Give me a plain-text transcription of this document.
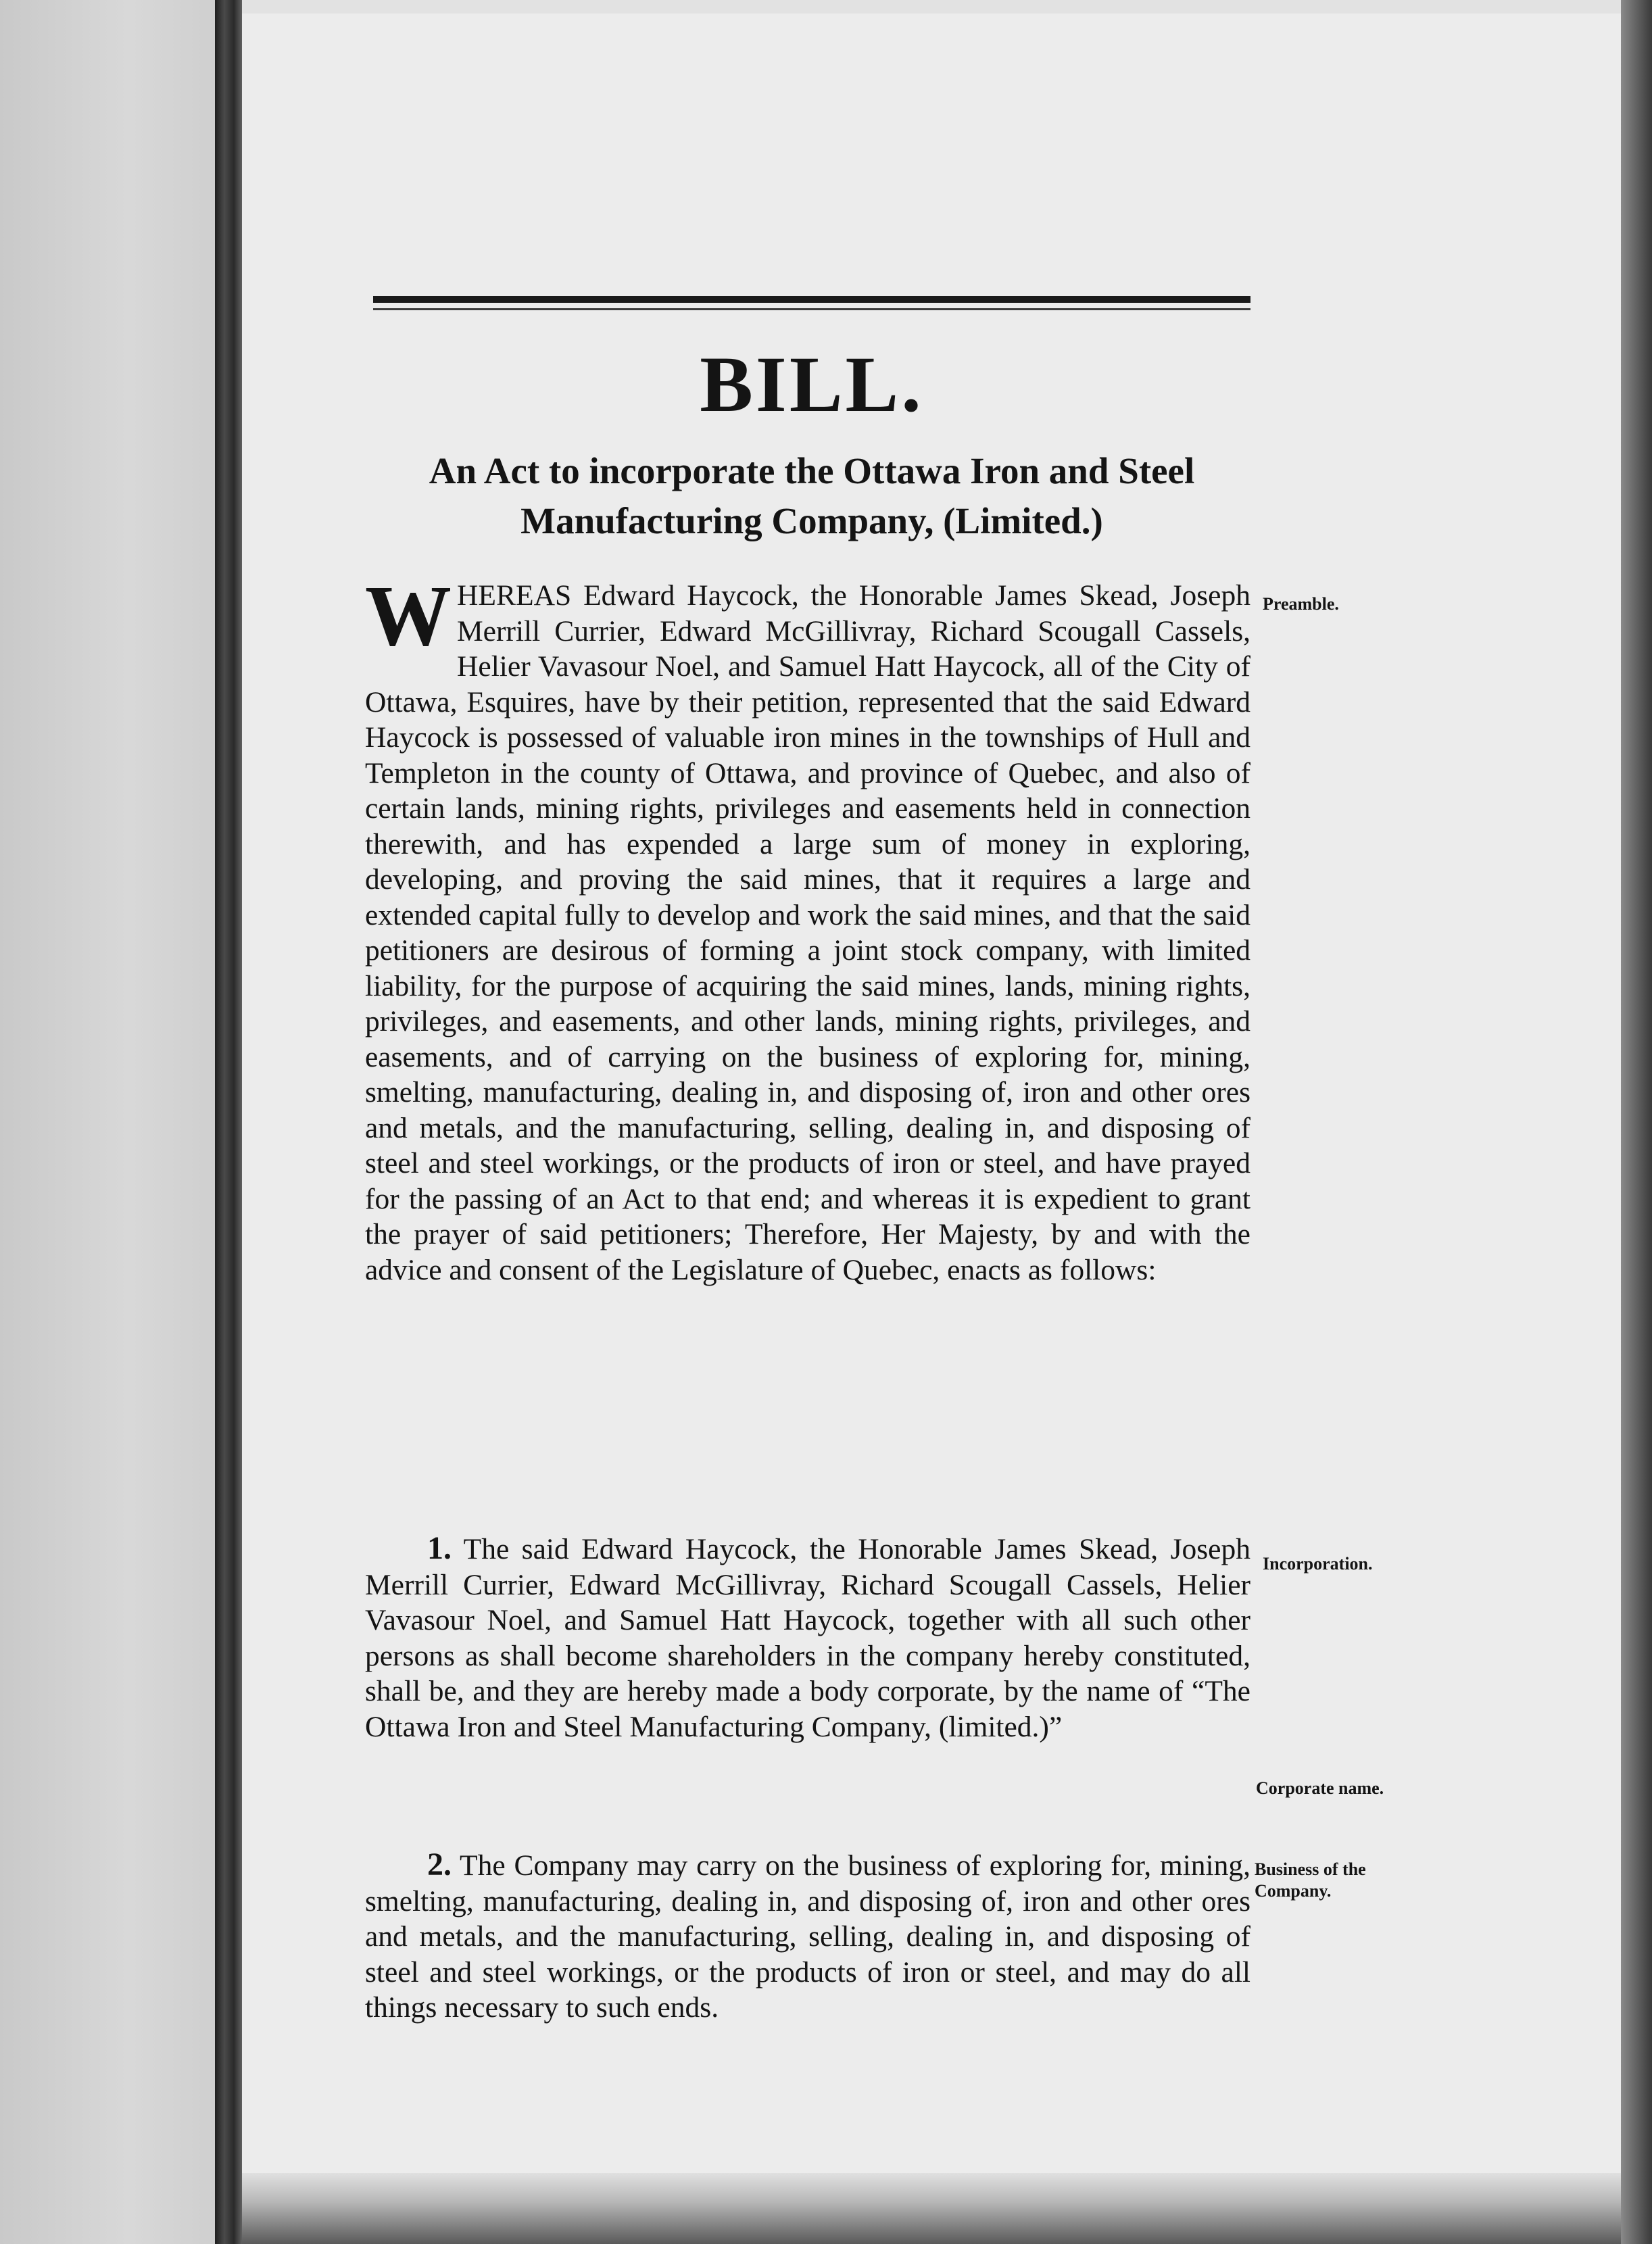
BILL.
An Act to incorporate the Ottawa Iron and Steel Manufacturing Company, (Limited.)

WHEREAS Edward Haycock, the Honorable James Skead, Joseph Merrill Currier, Edward McGillivray, Richard Scougall Cassels, Helier Vavasour Noel, and Samuel Hatt Haycock, all of the City of Ottawa, Esquires, have by their petition, represented that the said Edward Haycock is possessed of valuable iron mines in the townships of Hull and Templeton in the county of Ottawa, and province of Quebec, and also of certain lands, mining rights, privileges and easements held in connection therewith, and has expended a large sum of money in exploring, developing, and proving the said mines, that it requires a large and extended capital fully to develop and work the said mines, and that the said petitioners are desirous of forming a joint stock company, with limited liability, for the purpose of acquiring the said mines, lands, mining rights, privileges, and easements, and other lands, mining rights, privileges, and easements, and of carrying on the business of exploring for, mining, smelting, manufacturing, dealing in, and disposing of, iron and other ores and metals, and the manufacturing, selling, dealing in, and disposing of steel and steel workings, or the products of iron or steel, and have prayed for the passing of an Act to that end; and whereas it is expedient to grant the prayer of said petitioners; Therefore, Her Majesty, by and with the advice and consent of the Legislature of Quebec, enacts as follows:

1. The said Edward Haycock, the Honorable James Skead, Joseph Merrill Currier, Edward McGillivray, Richard Scougall Cassels, Helier Vavasour Noel, and Samuel Hatt Haycock, together with all such other persons as shall become shareholders in the company hereby constituted, shall be, and they are hereby made a body corporate, by the name of “The Ottawa Iron and Steel Manufacturing Company, (limited.)”

2. The Company may carry on the business of exploring for, mining, smelting, manufacturing, dealing in, and disposing of, iron and other ores and metals, and the manufacturing, selling, dealing in, and disposing of steel and steel workings, or the products of iron or steel, and may do all things necessary to such ends.

Preamble.

Incorporation.

Corporate name.

Business of the Company.
